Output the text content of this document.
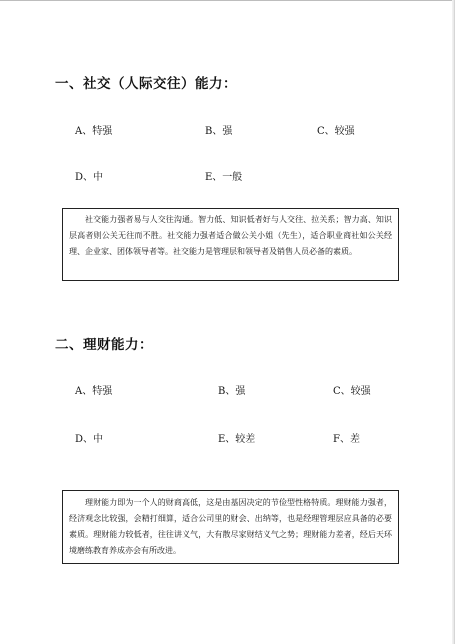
一、社交（人际交往）能力：
A、特强	B、强	C、较强
D、中	E、一般

社交能力强者易与人交往沟通。智力低、知识低者好与人交往、拉关系；智力高、知识层高者则公关无往而不胜。社交能力强者适合做公关小姐（先生），适合职业商社如公关经理、企业家、团体领导者等。社交能力是管理层和领导者及销售人员必备的素质。

二、理财能力：
A、特强	B、强	C、较强
D、中	E、较差	F、差

理财能力即为一个人的财商高低，这是由基因决定的节俭型性格特质。理财能力强者，经济观念比较强，会精打细算，适合公司里的财会、出纳等，也是经理管理层应具备的必要素质。理财能力较低者，往往讲义气，大有散尽家财结义气之势；理财能力差者，经后天环境磨练教育养成亦会有所改进。
